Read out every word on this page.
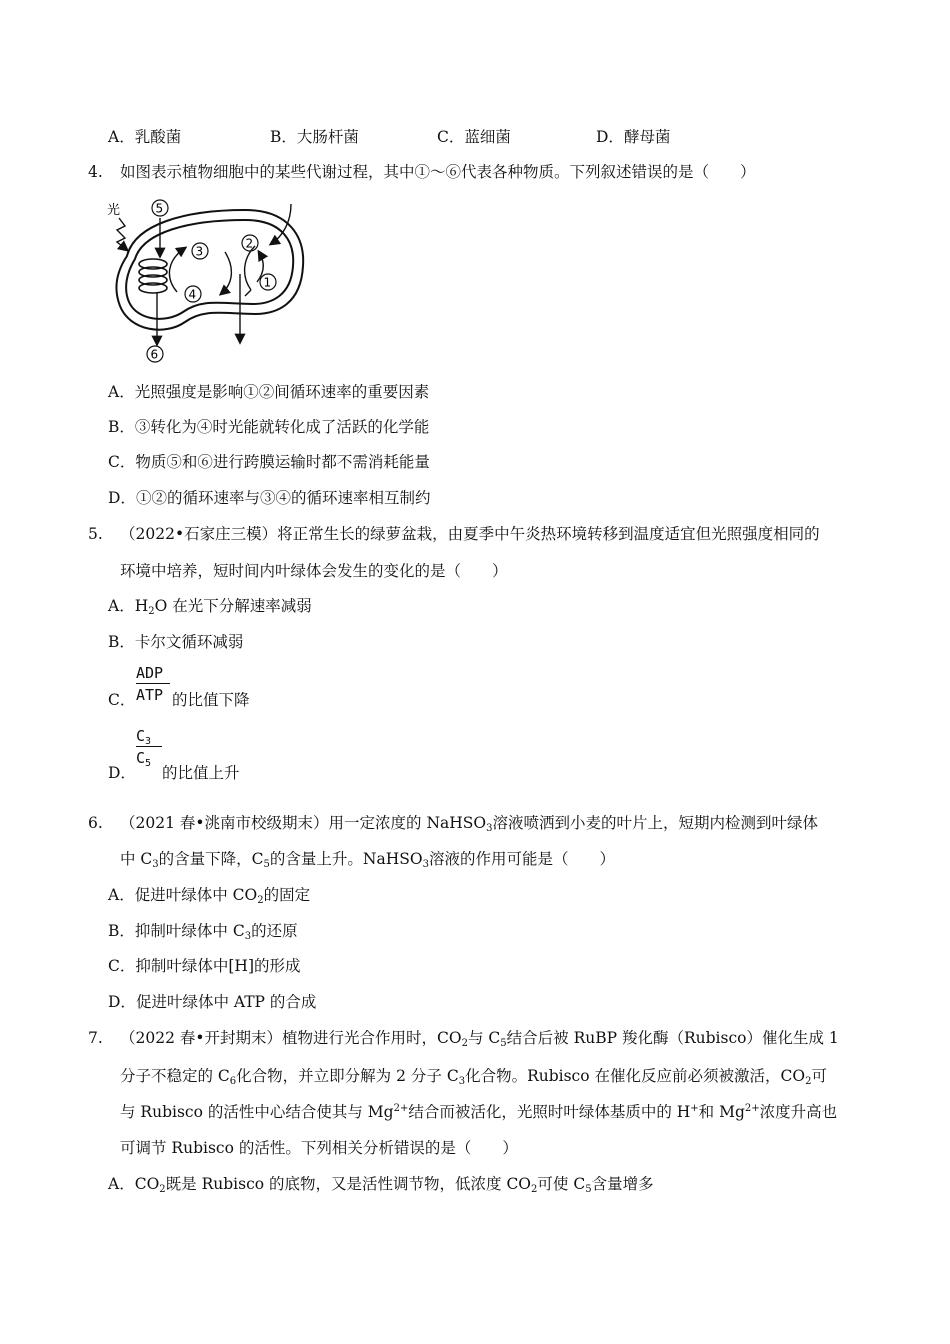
A．乳酸菌	B．大肠杆菌	C．蓝细菌	D．酵母菌
4. 如图表示植物细胞中的某些代谢过程，其中①～⑥代表各种物质。下列叙述错误的是（　　）
光	5
6
3
4
2
1
A．光照强度是影响①②间循环速率的重要因素
B．③转化为④时光能就转化成了活跃的化学能
C．物质⑤和⑥进行跨膜运输时都不需消耗能量
D．①②的循环速率与③④的循环速率相互制约
5. （2022•石家庄三模）将正常生长的绿萝盆栽，由夏季中午炎热环境转移到温度适宜但光照强度相同的
环境中培养，短时间内叶绿体会发生的变化的是（　　）
A．$H_2O$ 在光下分解速率减弱
B．卡尔文循环减弱
C．
ADP
ATP 的比值下降
D．
$C_3$
$C_5$
的比值上升
6. （2021 春•洮南市校级期末）用一定浓度的 NaHSO$_3$溶液喷洒到小麦的叶片上，短期内检测到叶绿体
中 $C_3$的含量下降，$C_5$的含量上升。NaHSO$_3$溶液的作用可能是（　　）
A．促进叶绿体中 $CO_2$的固定
B．抑制叶绿体中 $C_3$的还原
C．抑制叶绿体中[H]的形成
D．促进叶绿体中 ATP 的合成
7. （2022 春•开封期末）植物进行光合作用时，$CO_2$与 $C_5$结合后被 RuBP 羧化酶（Rubisco）催化生成 1
分子不稳定的 $C_6$化合物，并立即分解为 2 分子 $C_3$化合物。Rubisco 在催化反应前必须被激活，$CO_2$可
与 Rubisco 的活性中心结合使其与 $Mg^{2+}$结合而被活化，光照时叶绿体基质中的 H+和 $Mg^{2+}$浓度升高也
可调节 Rubisco 的活性。下列相关分析错误的是（　　）
A．$CO_2$既是 Rubisco 的底物，又是活性调节物，低浓度 $CO_2$可使 $C_5$含量增多
